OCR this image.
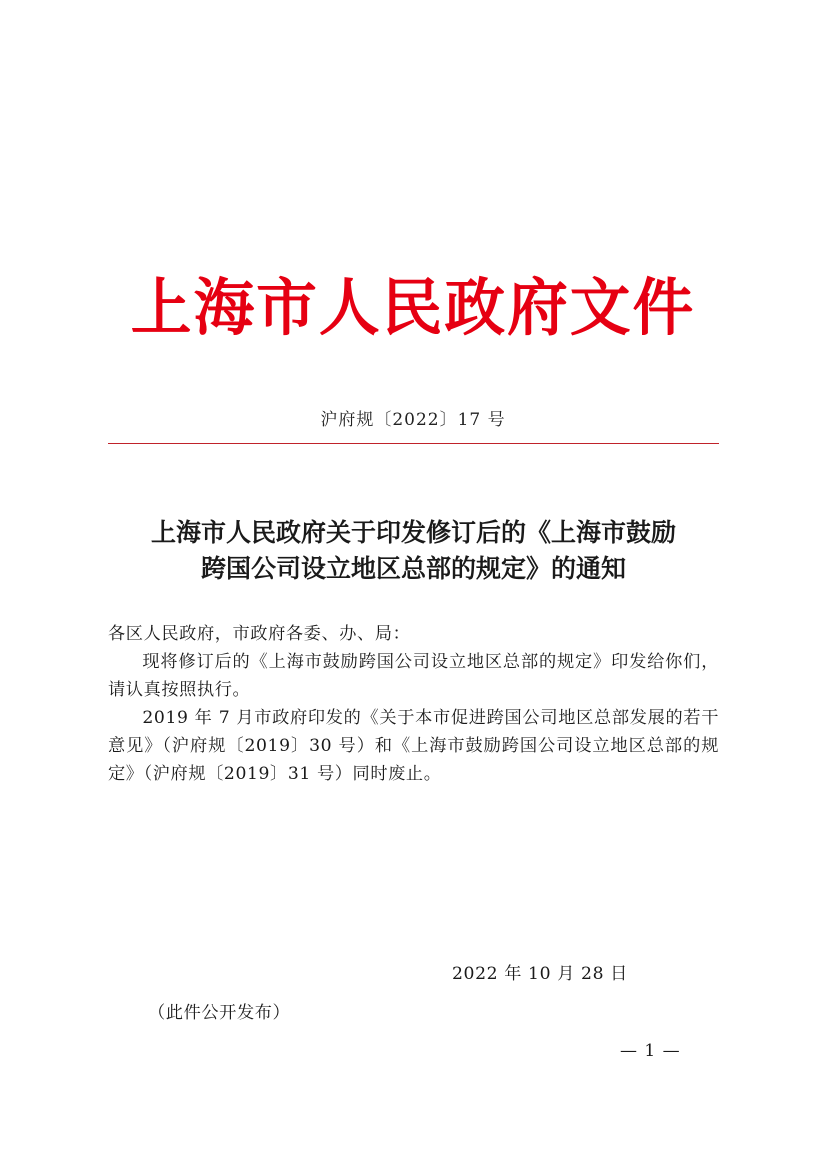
上海市人民政府文件
沪府规〔2022〕17 号
上海市人民政府关于印发修订后的《上海市鼓励
跨国公司设立地区总部的规定》的通知

各区人民政府，市政府各委、办、局：

现将修订后的《上海市鼓励跨国公司设立地区总部的规定》印发给你们，请认真按照执行。

2019 年 7 月市政府印发的《关于本市促进跨国公司地区总部发展的若干意见》（沪府规〔2019〕30 号）和《上海市鼓励跨国公司设立地区总部的规定》（沪府规〔2019〕31 号）同时废止。

2022 年 10 月 28 日
（此件公开发布）
— 1 —
